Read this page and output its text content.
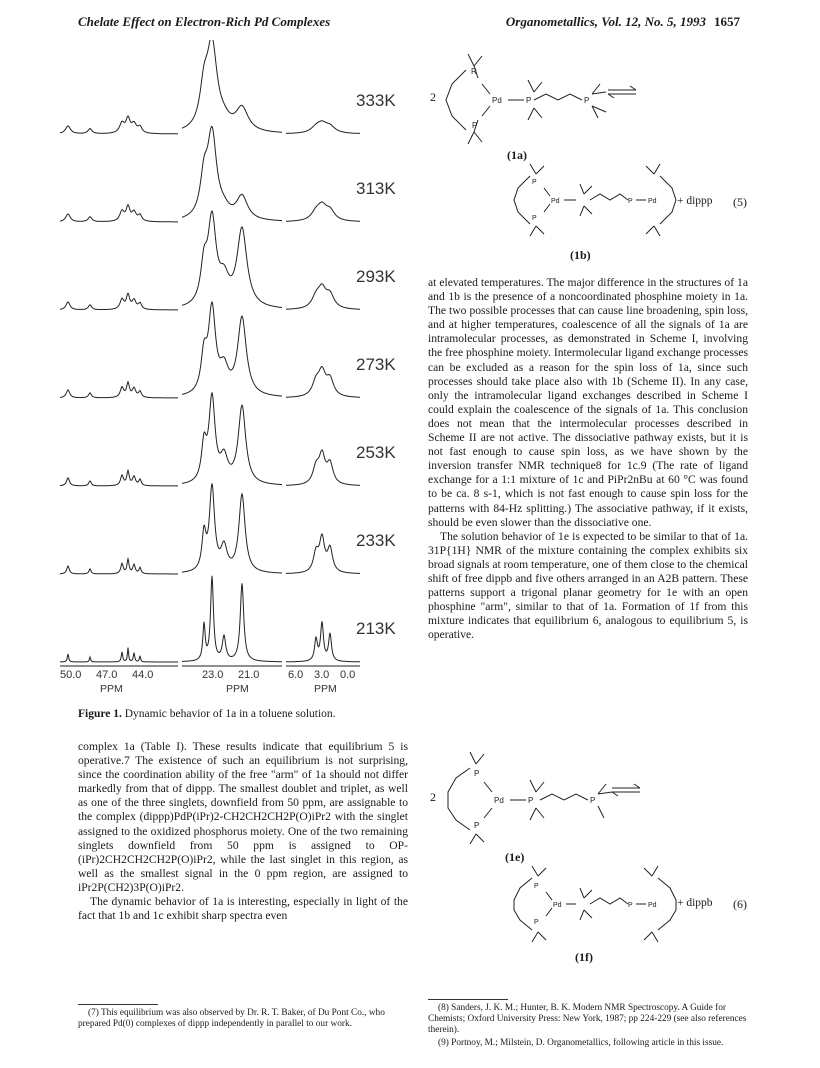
Chelate Effect on Electron-Rich Pd Complexes	Organometallics, Vol. 12, No. 5, 1993 1657
333K
313K
293K
273K
253K
233K
213K
50.0 47.0 44.0	23.0 21.0	6.0 3.0 0.0
PPM	PPM	PPM
Figure 1. Dynamic behavior of 1a in a toluene solution.

complex 1a (Table I). These results indicate that equilibrium 5 is operative.7 The existence of such an equilibrium is not surprising, since the coordination ability of the free "arm" of 1a should not differ markedly from that of dippp. The smallest doublet and triplet, as well as one of the three singlets, downfield from 50 ppm, are assignable to the complex (dippp)PdP(iPr)2-CH2CH2CH2P(O)iPr2 with the singlet assigned to the oxidized phosphorus moiety. One of the two remaining singlets downfield from 50 ppm is assigned to OP-(iPr)2CH2CH2CH2P(O)iPr2, while the last singlet in this region, as well as the smallest signal in the 0 ppm region, are assigned to iPr2P(CH2)3P(O)iPr2.

The dynamic behavior of 1a is interesting, especially in light of the fact that 1b and 1c exhibit sharp spectra even

(7) This equilibrium was also observed by Dr. R. T. Baker, of Du Pont Co., who prepared Pd(0) complexes of dippp independently in parallel to our work.

at elevated temperatures. The major difference in the structures of 1a and 1b is the presence of a noncoordinated phosphine moiety in 1a. The two possible processes that can cause line broadening, spin loss, and at higher temperatures, coalescence of all the signals of 1a are intramolecular processes, as demonstrated in Scheme I, involving the free phosphine moiety. Intermolecular ligand exchange processes can be excluded as a reason for the spin loss of 1a, since such processes should take place also with 1b (Scheme II). In any case, only the intramolecular ligand exchanges described in Scheme I could explain the coalescence of the signals of 1a. This conclusion does not mean that the intermolecular processes described in Scheme II are not active. The dissociative pathway exists, but it is not fast enough to cause spin loss, as we have shown by the inversion transfer NMR technique8 for 1c.9 (The rate of ligand exchange for a 1:1 mixture of 1c and PiPr2nBu at 60 °C was found to be ca. 8 s-1, which is not fast enough to cause spin loss for the patterns with 84-Hz splitting.) The associative pathway, if it exists, should be even slower than the dissociative one.

The solution behavior of 1e is expected to be similar to that of 1a. 31P{1H} NMR of the mixture containing the complex exhibits six broad signals at room temperature, one of them close to the chemical shift of free dippb and five others arranged in an A2B pattern. These patterns support a trigonal planar geometry for 1e with an open phosphine "arm", similar to that of 1a. Formation of 1f from this mixture indicates that equilibrium 6, analogous to equilibrium 5, is operative.

(8) Sanders, J. K. M.; Hunter, B. K. Modern NMR Spectroscopy. A Guide for Chemists; Oxford University Press: New York, 1987; pp 224-229 (see also references therein).

(9) Portnoy, M.; Milstein, D. Organometallics, following article in this issue.

2
R
P
Pd	P	P
(1a)
P
P
Pd	P Pd + dippp (5)
(1b)
2
P
P
Pd	P	P
(1e)
P
P
Pd	P Pd + dippb (6)
(1f)
